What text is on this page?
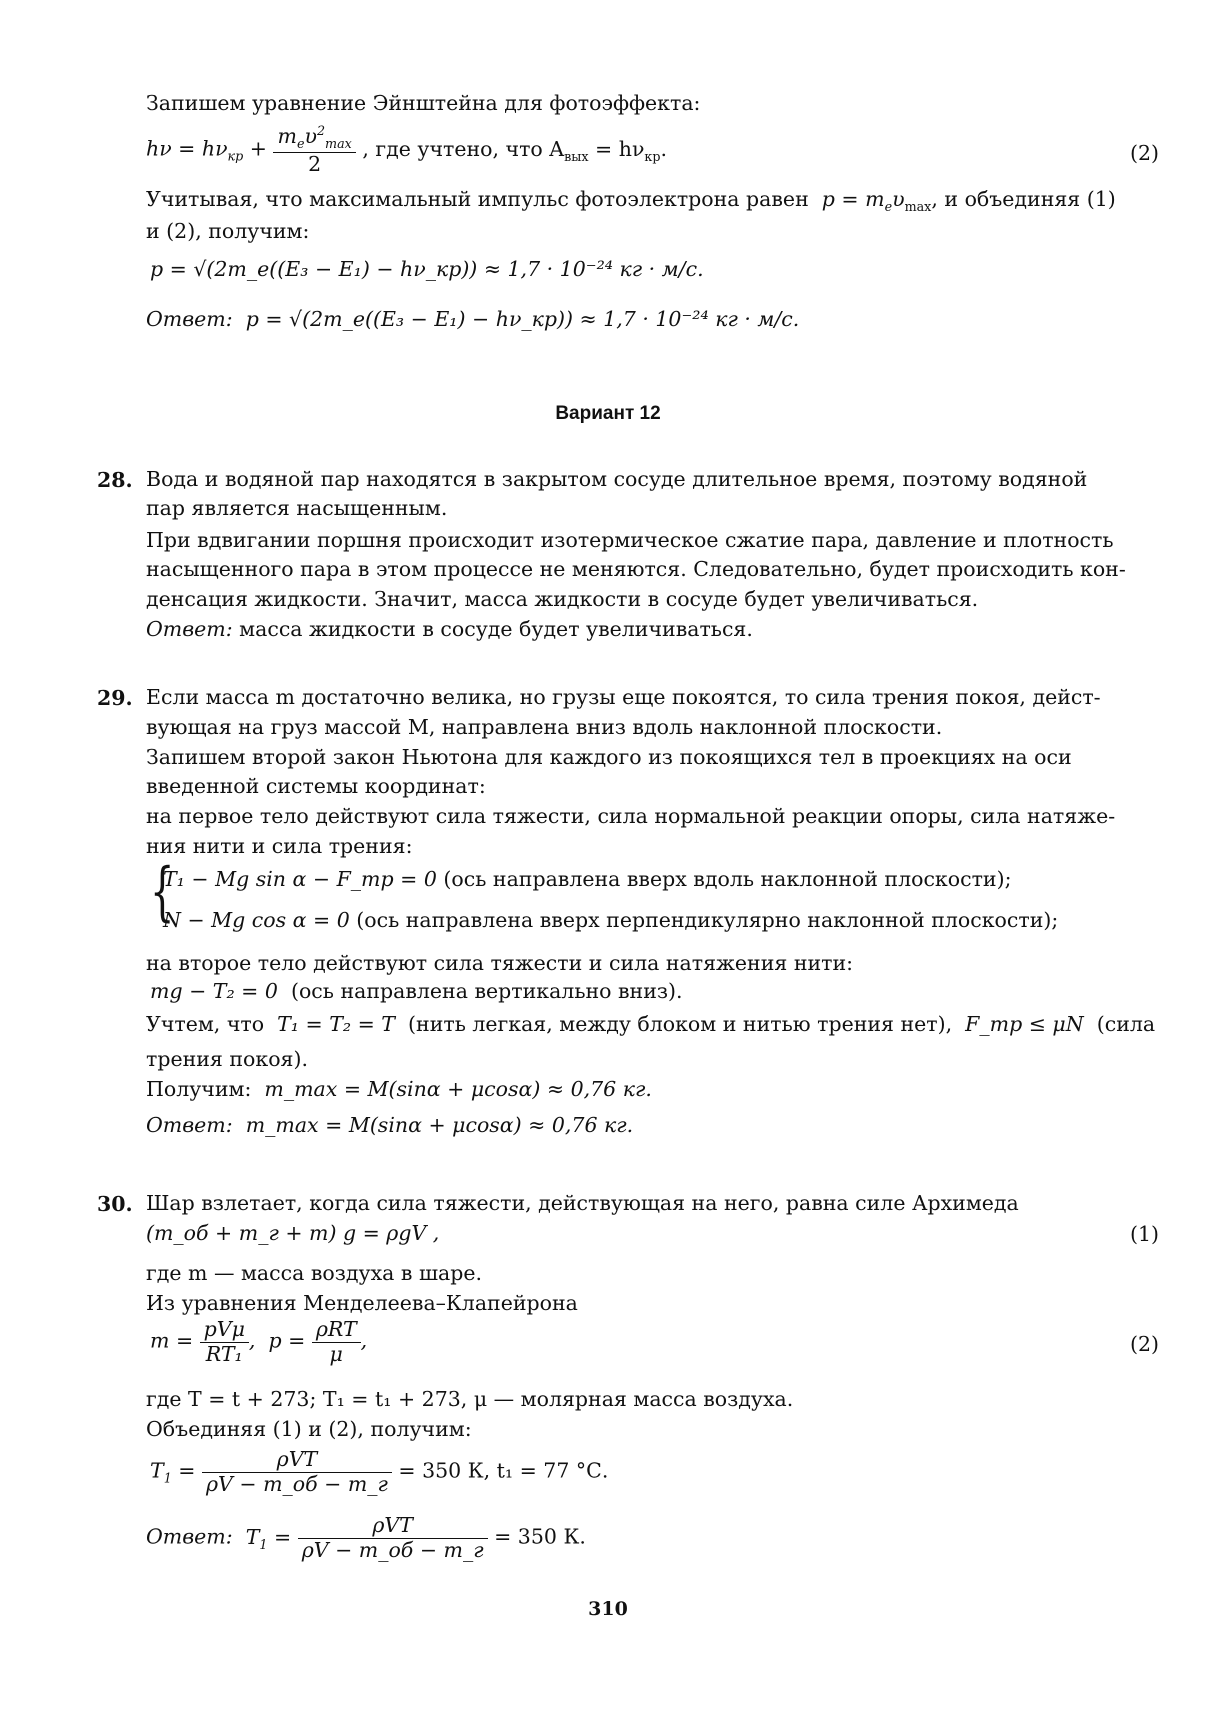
Запишем уравнение Эйнштейна для фотоэффекта:
$h\nu = h\nu_{кр} + \frac{m_e\upsilon^2_{max}}{2}$ , где учтено, что $A_{вых} = h\nu_{кр}$.	(2)
Учитывая, что максимальный импульс фотоэлектрона равен $p = m_e\upsilon_{max}$, и объединяя (1)
и (2), получим:
p = √(2m_e((E₃ − E₁) − hν_кр)) ≈ 1,7 · 10⁻²⁴ кг · м/с.
Ответ: p = √(2m_e((E₃ − E₁) − hν_кр)) ≈ 1,7 · 10⁻²⁴ кг · м/с.
Вариант 12
28. Вода и водяной пар находятся в закрытом сосуде длительное время, поэтому водяной
пар является насыщенным.
При вдвигании поршня происходит изотермическое сжатие пара, давление и плотность
насыщенного пара в этом процессе не меняются. Следовательно, будет происходить кон-
денсация жидкости. Значит, масса жидкости в сосуде будет увеличиваться.
Ответ: масса жидкости в сосуде будет увеличиваться.
29. Если масса m достаточно велика, но грузы еще покоятся, то сила трения покоя, дейст-
вующая на груз массой M, направлена вниз вдоль наклонной плоскости.
Запишем второй закон Ньютона для каждого из покоящихся тел в проекциях на оси
введенной системы координат:
на первое тело действуют сила тяжести, сила нормальной реакции опоры, сила натяже-
ния нити и сила трения:
{
T₁ − Mg sin α − F_тр = 0 (ось направлена вверх вдоль наклонной плоскости);
N − Mg cos α = 0 (ось направлена вверх перпендикулярно наклонной плоскости);
на второе тело действуют сила тяжести и сила натяжения нити:
mg − T₂ = 0 (ось направлена вертикально вниз).
Учтем, что T₁ = T₂ = T (нить легкая, между блоком и нитью трения нет), F_тр ≤ μN (сила
трения покоя).
Получим: m_max = M(sinα + μcosα) ≈ 0,76 кг.
Ответ: m_max = M(sinα + μcosα) ≈ 0,76 кг.
30. Шар взлетает, когда сила тяжести, действующая на него, равна силе Архимеда
(m_об + m_г + m) g = ρgV ,	(1)
где m — масса воздуха в шаре.
Из уравнения Менделеева–Клапейрона
$m = \frac{\text{pVμ}}{\text{RT₁}}$ ,  $p = \frac{\text{ρRT}}{\mu}$ ,	(2)
где T = t + 273; T₁ = t₁ + 273, μ — молярная масса воздуха.
Объединяя (1) и (2), получим:
$T_1 = \frac{\text{ρVT}}{\rho V - m\_об - m\_г} = 350$ К, t₁ = 77 °С.
Ответ: $T_1 = \frac{\text{ρVT}}{\rho V - m\_об - m\_г} = 350$ К.
310
